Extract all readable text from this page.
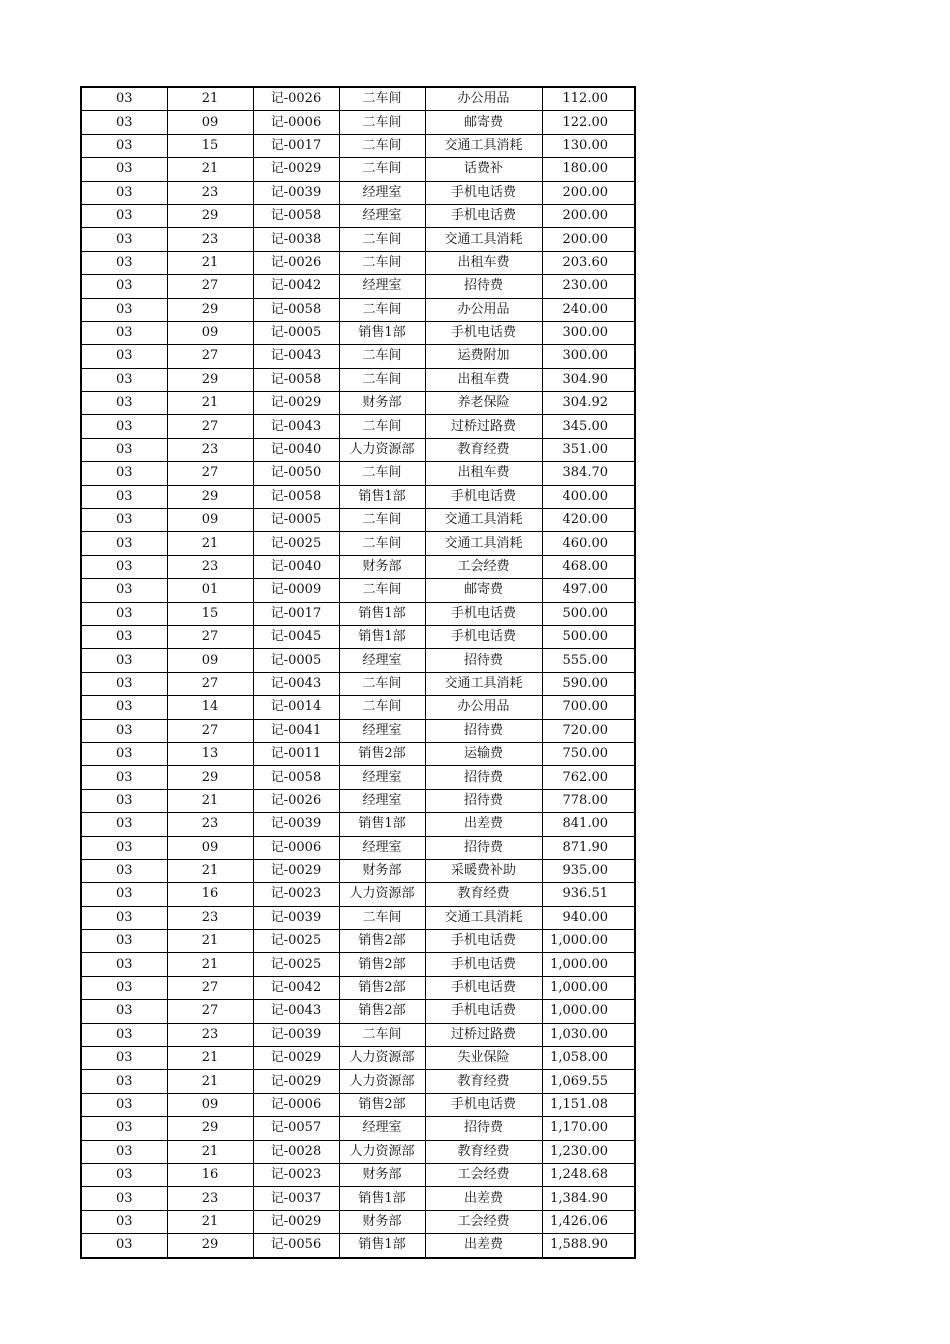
03	21	记-0026	二车间	办公用品	112.00
03	09	记-0006	二车间	邮寄费	122.00
03	15	记-0017	二车间	交通工具消耗	130.00
03	21	记-0029	二车间	话费补	180.00
03	23	记-0039	经理室	手机电话费	200.00
03	29	记-0058	经理室	手机电话费	200.00
03	23	记-0038	二车间	交通工具消耗	200.00
03	21	记-0026	二车间	出租车费	203.60
03	27	记-0042	经理室	招待费	230.00
03	29	记-0058	二车间	办公用品	240.00
03	09	记-0005	销售1部	手机电话费	300.00
03	27	记-0043	二车间	运费附加	300.00
03	29	记-0058	二车间	出租车费	304.90
03	21	记-0029	财务部	养老保险	304.92
03	27	记-0043	二车间	过桥过路费	345.00
03	23	记-0040	人力资源部	教育经费	351.00
03	27	记-0050	二车间	出租车费	384.70
03	29	记-0058	销售1部	手机电话费	400.00
03	09	记-0005	二车间	交通工具消耗	420.00
03	21	记-0025	二车间	交通工具消耗	460.00
03	23	记-0040	财务部	工会经费	468.00
03	01	记-0009	二车间	邮寄费	497.00
03	15	记-0017	销售1部	手机电话费	500.00
03	27	记-0045	销售1部	手机电话费	500.00
03	09	记-0005	经理室	招待费	555.00
03	27	记-0043	二车间	交通工具消耗	590.00
03	14	记-0014	二车间	办公用品	700.00
03	27	记-0041	经理室	招待费	720.00
03	13	记-0011	销售2部	运输费	750.00
03	29	记-0058	经理室	招待费	762.00
03	21	记-0026	经理室	招待费	778.00
03	23	记-0039	销售1部	出差费	841.00
03	09	记-0006	经理室	招待费	871.90
03	21	记-0029	财务部	采暖费补助	935.00
03	16	记-0023	人力资源部	教育经费	936.51
03	23	记-0039	二车间	交通工具消耗	940.00
03	21	记-0025	销售2部	手机电话费	1,000.00
03	21	记-0025	销售2部	手机电话费	1,000.00
03	27	记-0042	销售2部	手机电话费	1,000.00
03	27	记-0043	销售2部	手机电话费	1,000.00
03	23	记-0039	二车间	过桥过路费	1,030.00
03	21	记-0029	人力资源部	失业保险	1,058.00
03	21	记-0029	人力资源部	教育经费	1,069.55
03	09	记-0006	销售2部	手机电话费	1,151.08
03	29	记-0057	经理室	招待费	1,170.00
03	21	记-0028	人力资源部	教育经费	1,230.00
03	16	记-0023	财务部	工会经费	1,248.68
03	23	记-0037	销售1部	出差费	1,384.90
03	21	记-0029	财务部	工会经费	1,426.06
03	29	记-0056	销售1部	出差费	1,588.90
